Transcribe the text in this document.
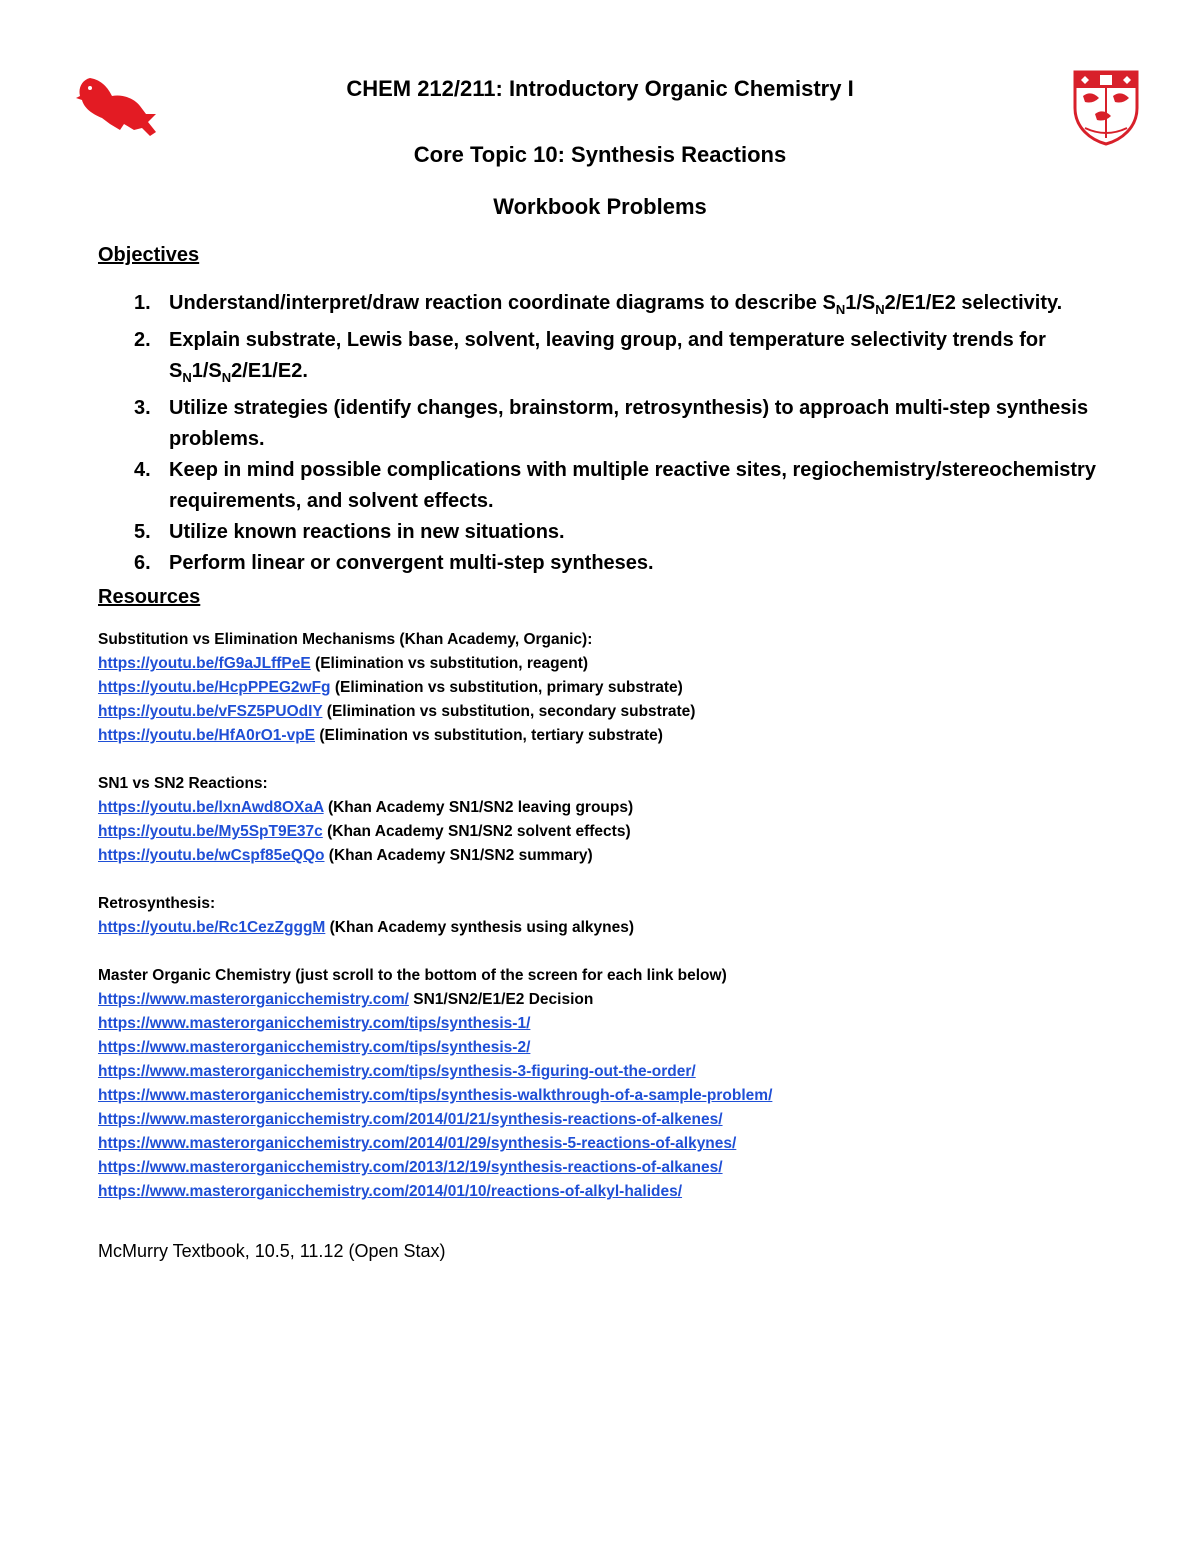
CHEM 212/211: Introductory Organic Chemistry I
Core Topic 10: Synthesis Reactions
Workbook Problems
Objectives
1. Understand/interpret/draw reaction coordinate diagrams to describe $S_N1/S_N2/E1/E2$ selectivity.
2. Explain substrate, Lewis base, solvent, leaving group, and temperature selectivity trends for
$S_N1/S_N2/E1/E2$.
3. Utilize strategies (identify changes, brainstorm, retrosynthesis) to approach multi-step synthesis
problems.
4. Keep in mind possible complications with multiple reactive sites, regiochemistry/stereochemistry
requirements, and solvent effects.
5. Utilize known reactions in new situations.
6. Perform linear or convergent multi-step syntheses.
Resources
Substitution vs Elimination Mechanisms (Khan Academy, Organic):
https://youtu.be/fG9aJLffPeE (Elimination vs substitution, reagent)
https://youtu.be/HcpPPEG2wFg (Elimination vs substitution, primary substrate)
https://youtu.be/vFSZ5PUOdIY (Elimination vs substitution, secondary substrate)
https://youtu.be/HfA0rO1-vpE (Elimination vs substitution, tertiary substrate)
SN1 vs SN2 Reactions:
https://youtu.be/lxnAwd8OXaA (Khan Academy SN1/SN2 leaving groups)
https://youtu.be/My5SpT9E37c (Khan Academy SN1/SN2 solvent effects)
https://youtu.be/wCspf85eQQo (Khan Academy SN1/SN2 summary)
Retrosynthesis:
https://youtu.be/Rc1CezZgggM (Khan Academy synthesis using alkynes)
Master Organic Chemistry (just scroll to the bottom of the screen for each link below)
https://www.masterorganicchemistry.com/ SN1/SN2/E1/E2 Decision
https://www.masterorganicchemistry.com/tips/synthesis-1/
https://www.masterorganicchemistry.com/tips/synthesis-2/
https://www.masterorganicchemistry.com/tips/synthesis-3-figuring-out-the-order/
https://www.masterorganicchemistry.com/tips/synthesis-walkthrough-of-a-sample-problem/
https://www.masterorganicchemistry.com/2014/01/21/synthesis-reactions-of-alkenes/
https://www.masterorganicchemistry.com/2014/01/29/synthesis-5-reactions-of-alkynes/
https://www.masterorganicchemistry.com/2013/12/19/synthesis-reactions-of-alkanes/
https://www.masterorganicchemistry.com/2014/01/10/reactions-of-alkyl-halides/
McMurry Textbook, 10.5, 11.12 (Open Stax)
